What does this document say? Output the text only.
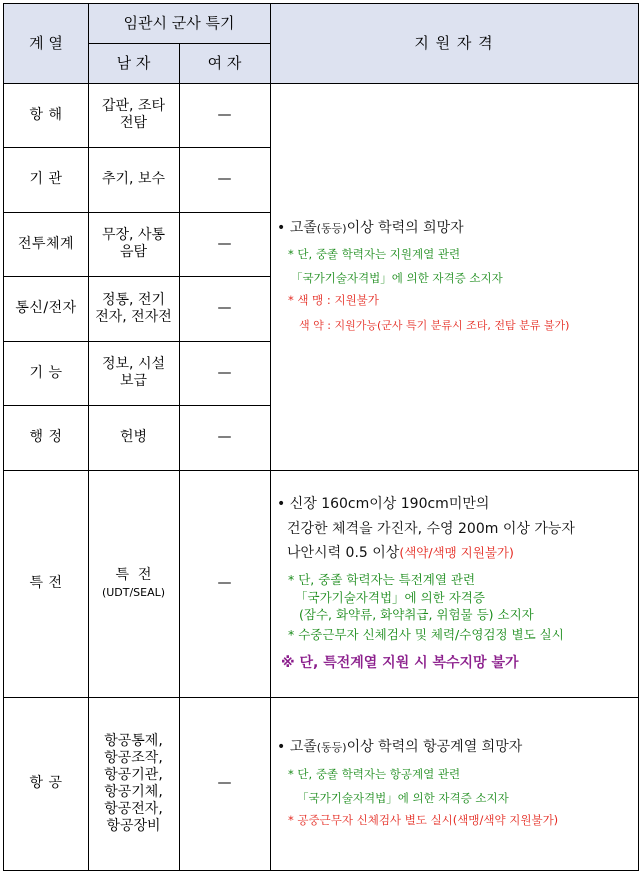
계 열
임관시 군사 특기
남 자	여 자
지 원 자 격
항 해
기 관
전투체계
통신/전자
기 능
행 정
특 전
항 공
갑판, 조타
전탐
추기, 보수
무장, 사통
음탐
정통, 전기
전자, 전자전
정보, 시설
보급
헌병
특  전
(UDT/SEAL)
항공통제,
항공조작,
항공기관,
항공기체,
항공전자,
항공장비
—
—
—
—
—
—
—
—
• 고졸(동등)이상 학력의 희망자
* 단, 중졸 학력자는 지원계열 관련
「국가기술자격법」에 의한 자격증 소지자
* 색 맹 : 지원불가
색 약 : 지원가능(군사 특기 분류시 조타, 전탐 분류 불가)
• 신장 160cm이상 190cm미만의
건강한 체격을 가진자, 수영 200m 이상 가능자
나안시력 0.5 이상(색약/색맹 지원불가)
* 단, 중졸 학력자는 특전계열 관련
「국가기술자격법」에 의한 자격증
(잠수, 화약류, 화약취급, 위험물 등) 소지자
* 수중근무자 신체검사 및 체력/수영검정 별도 실시
※ 단, 특전계열 지원 시 복수지망 불가
• 고졸(동등)이상 학력의 항공계열 희망자
* 단, 중졸 학력자는 항공계열 관련
「국가기술자격법」에 의한 자격증 소지자
* 공중근무자 신체검사 별도 실시(색맹/색약 지원불가)
